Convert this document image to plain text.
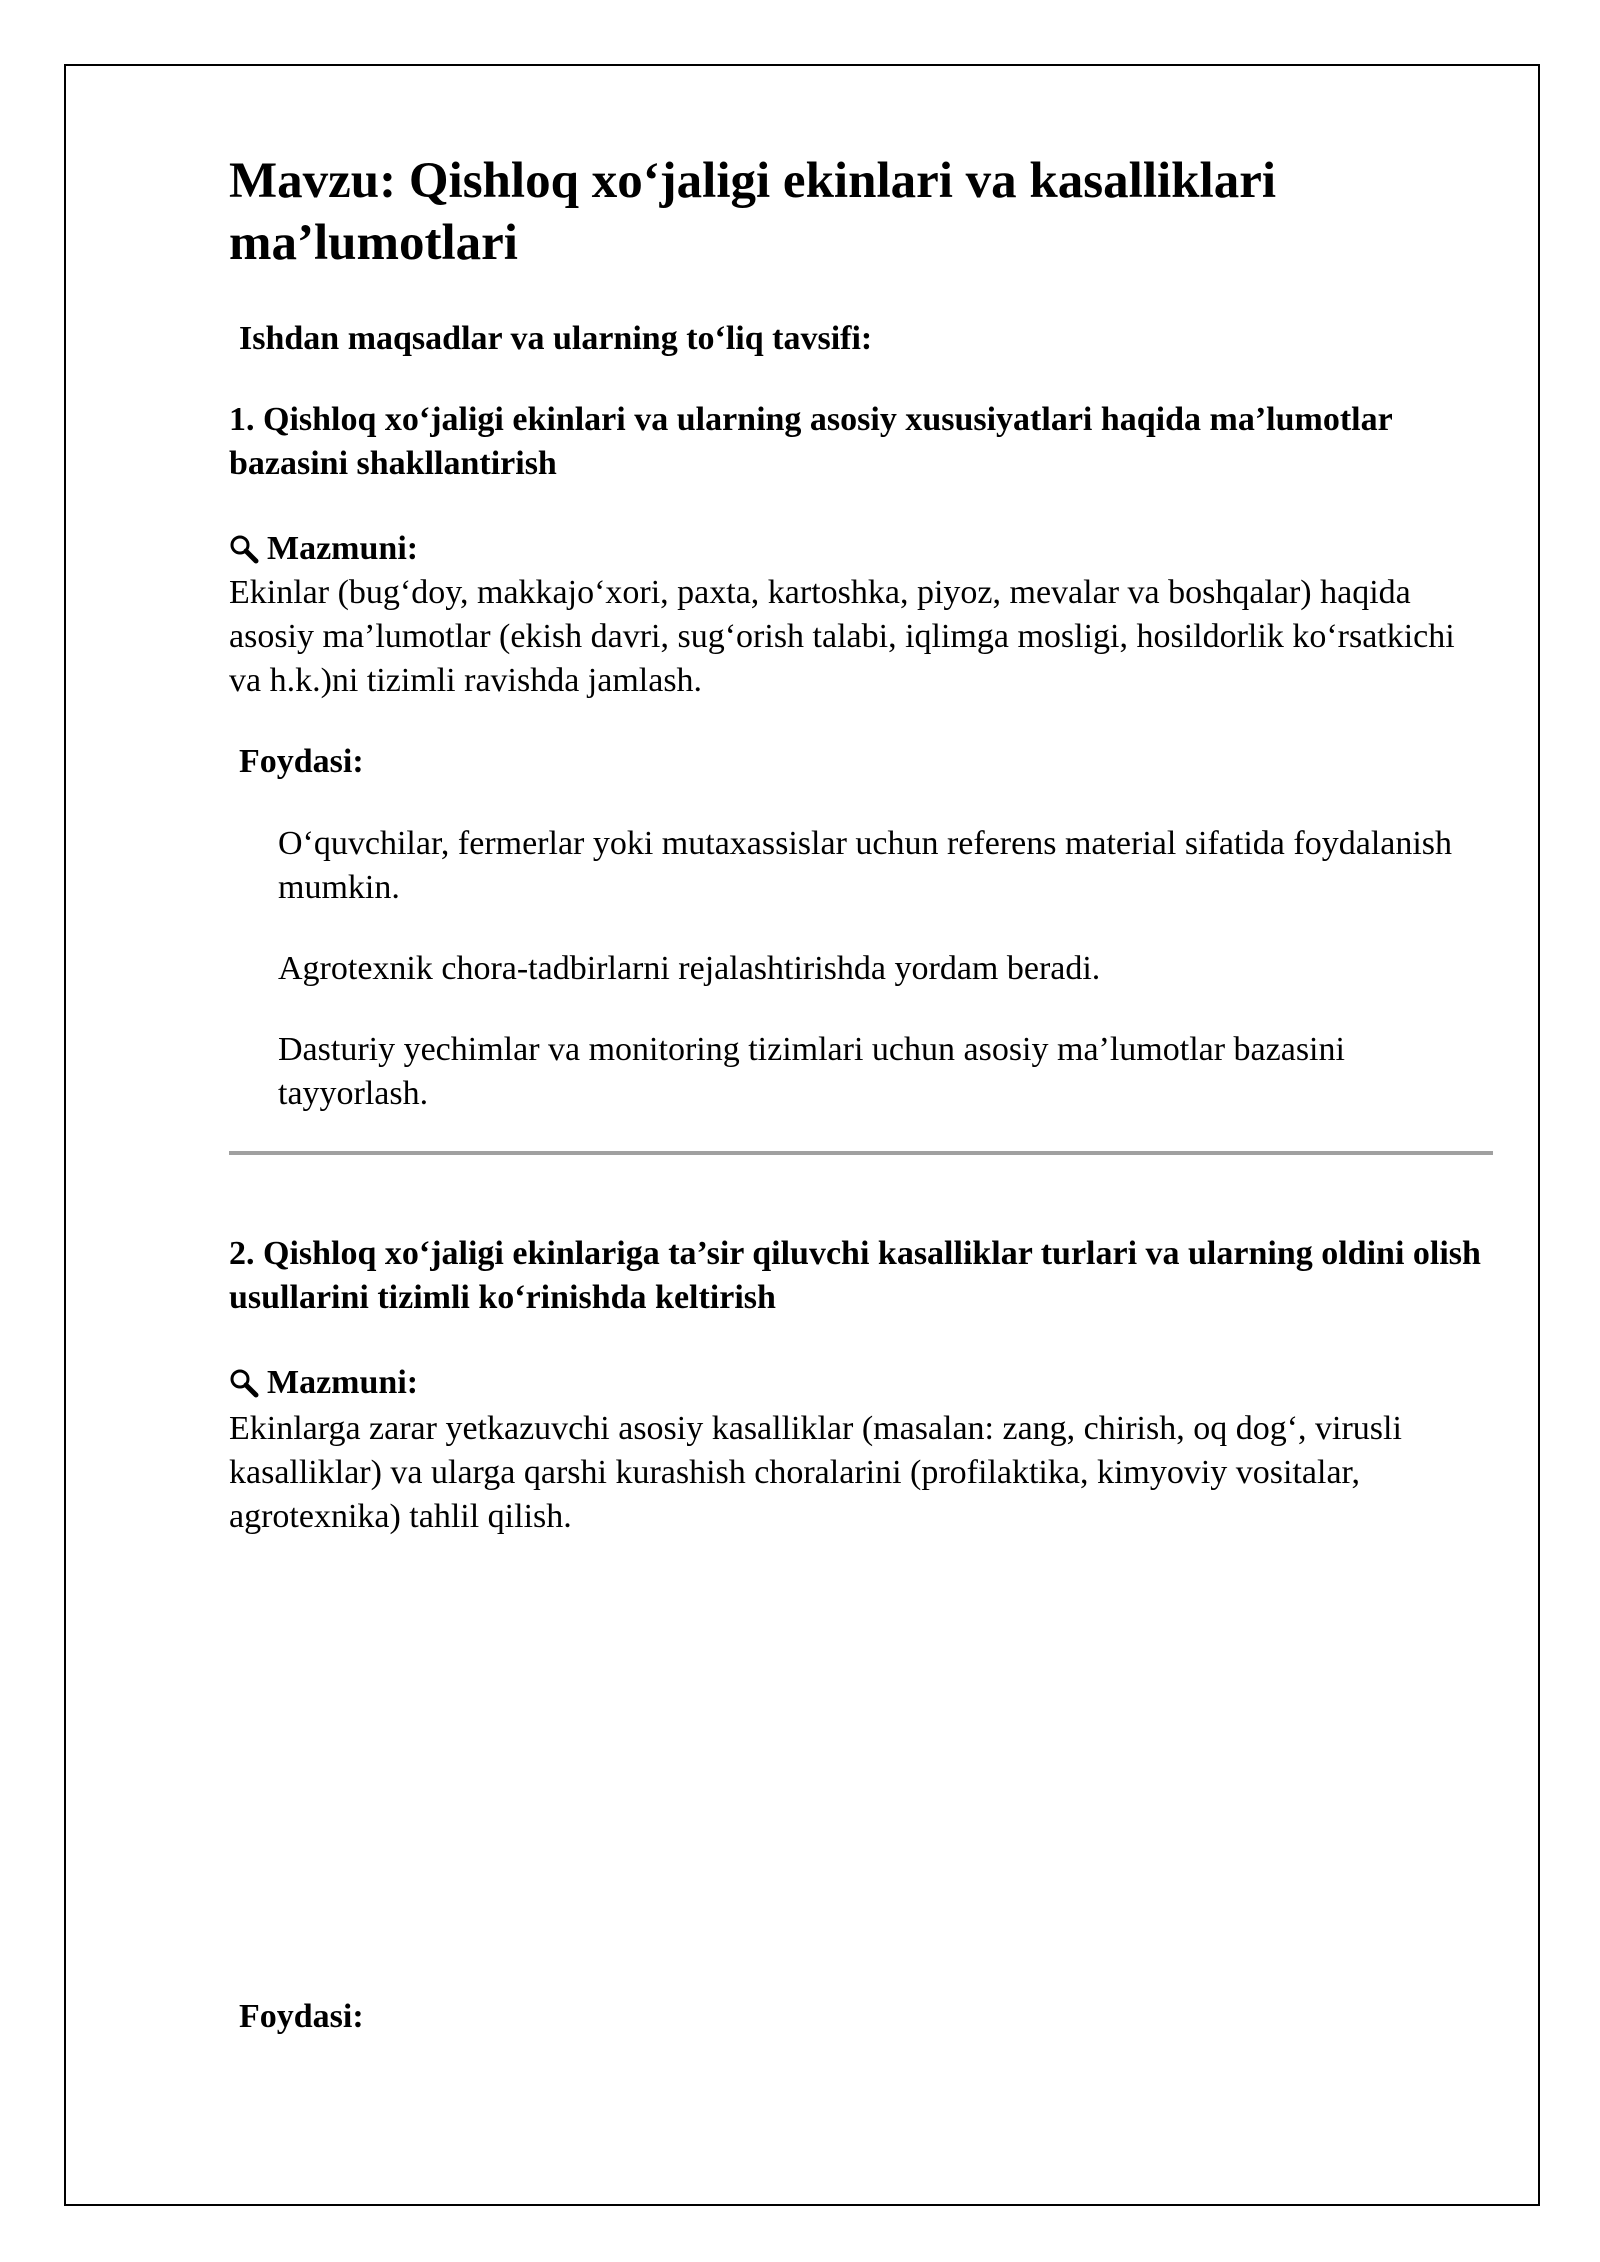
Mavzu: Qishloq xo‘jaligi ekinlari va kasalliklari ma’lumotlari
Ishdan maqsadlar va ularning to‘liq tavsifi:
1. Qishloq xo‘jaligi ekinlari va ularning asosiy xususiyatlari haqida ma’lumotlar bazasini shakllantirish
Mazmuni:

Ekinlar (bug‘doy, makkajo‘xori, paxta, kartoshka, piyoz, mevalar va boshqalar) haqida asosiy ma’lumotlar (ekish davri, sug‘orish talabi, iqlimga mosligi, hosildorlik ko‘rsatkichi va h.k.)ni tizimli ravishda jamlash.

Foydasi:
O‘quvchilar, fermerlar yoki mutaxassislar uchun referens material sifatida foydalanish mumkin.
Agrotexnik chora-tadbirlarni rejalashtirishda yordam beradi.
Dasturiy yechimlar va monitoring tizimlari uchun asosiy ma’lumotlar bazasini tayyorlash.
2. Qishloq xo‘jaligi ekinlariga ta’sir qiluvchi kasalliklar turlari va ularning oldini olish usullarini tizimli ko‘rinishda keltirish
Mazmuni:

Ekinlarga zarar yetkazuvchi asosiy kasalliklar (masalan: zang, chirish, oq dog‘, virusli kasalliklar) va ularga qarshi kurashish choralarini (profilaktika, kimyoviy vositalar, agrotexnika) tahlil qilish.

Foydasi:
